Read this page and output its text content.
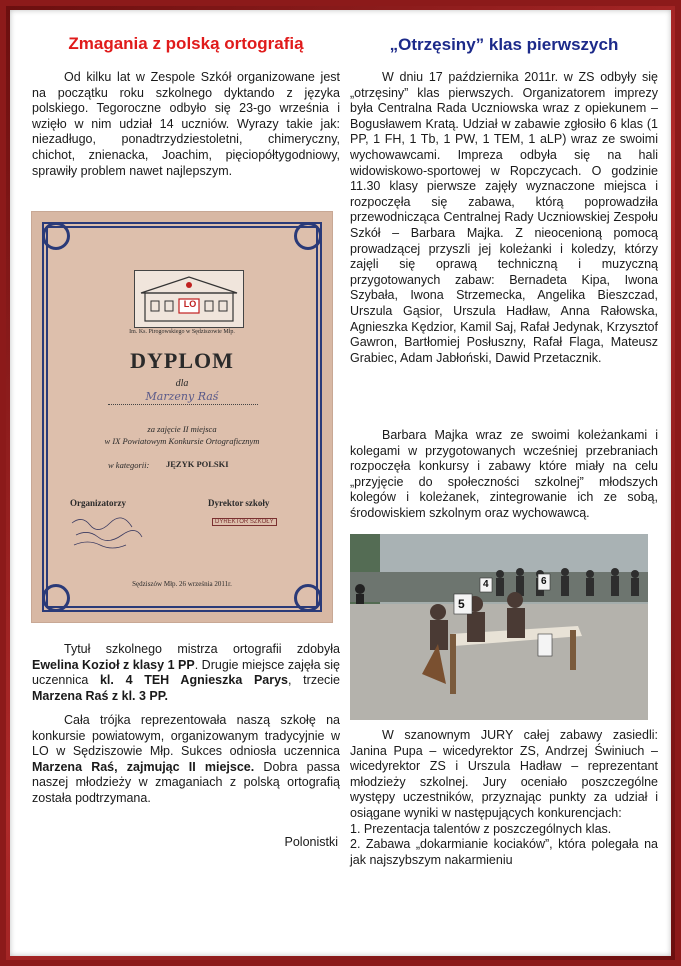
Zmagania z polską ortografią

Od kilku lat w Zespole Szkół organizowane jest na początku roku szkolnego dyktando z języka polskiego. Tegoroczne odbyło się 23-go września i wzięło w nim udział 14 uczniów. Wyrazy takie jak: niezadługo, ponadtrzydziestoletni, chimeryczny, chichot, znienacka, Joachim, pięciopółtygodniowy, sprawiły problem nawet najlepszym.

LO
Im. Ks. Pirogowskiego w Sędziszowie Młp.
DYPLOM
dla
Marzeny Raś
za zajęcie II miejsca
w IX Powiatowym Konkursie Ortograficznym
w kategorii: JĘZYK POLSKI
Organizatorzy	Dyrektor szkoły
DYREKTOR SZKOŁY
Sędziszów Młp. 26 września 2011r.

Tytuł szkolnego mistrza ortografii zdobyła Ewelina Kozioł z klasy 1 PP. Drugie miejsce zajęła się uczennica kl. 4 TEH Agnieszka Parys, trzecie Marzena Raś z kl. 3 PP.

Cała trójka reprezentowała naszą szkołę na konkursie powiatowym, organizowanym tradycyjnie w LO w Sędziszowie Młp. Sukces odniosła uczennica Marzena Raś, zajmując II miejsce. Dobra passa naszej młodzieży w zmaganiach z polską ortografią została podtrzymana.

Polonistki
„Otrzęsiny” klas pierwszych

W dniu 17 października 2011r. w ZS odbyły się „otrzęsiny” klas pierwszych. Organizatorem imprezy była Centralna Rada Uczniowska wraz z opiekunem – Bogusławem Kratą. Udział w zabawie zgłosiło 6 klas (1 PP, 1 FH, 1 Tb, 1 PW, 1 TEM, 1 aLP) wraz ze swoimi wychowawcami. Impreza odbyła się na hali widowiskowo-sportowej w Ropczycach. O godzinie 11.30 klasy pierwsze zajęły wyznaczone miejsca i rozpoczęła się zabawa, którą poprowadziła przewodnicząca Centralnej Rady Uczniowskiej Zespołu Szkół – Barbara Majka. Z nieocenioną pomocą prowadzącej przyszli jej koleżanki i koledzy, którzy zajęli się oprawą techniczną i muzyczną przygotowanych zabaw: Bernadeta Kipa, Iwona Szybała, Iwona Strzemecka, Angelika Bieszczad, Urszula Gąsior, Urszula Hadław, Anna Rałowska, Agnieszka Kędzior, Kamil Saj, Rafał Jedynak, Krzysztof Gawron, Bartłomiej Posłuszny, Rafał Flaga, Mateusz Grabiec, Adam Jabłoński, Dawid Przetacznik.

Barbara Majka wraz ze swoimi koleżankami i kolegami w przygotowanych wcześniej przebraniach rozpoczęła konkursy i zabawy które miały na celu „przyjęcie do społeczności szkolnej” młodszych kolegów i koleżanek, zintegrowanie ich ze sobą, środowiskiem szkolnym oraz wychowawcą.

5
4	6

W szanownym JURY całej zabawy zasiedli: Janina Pupa – wicedyrektor ZS, Andrzej Świniuch – wicedyrektor ZS i Urszula Hadław – reprezentant młodzieży szkolnej. Jury oceniało poszczególne występy uczestników, przyznając punkty za udział i osiągane wyniki w następujących konkurencjach:

1. Prezentacja talentów z poszczególnych klas.

2. Zabawa „dokarmianie kociaków”, która polegała na jak najszybszym nakarmieniu
